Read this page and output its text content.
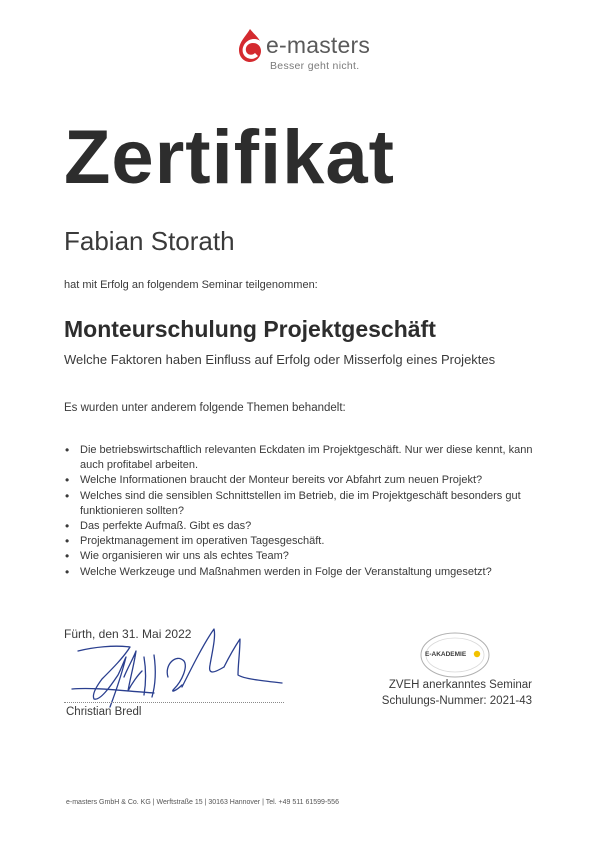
e-masters
Besser geht nicht.
Zertifikat
Fabian Storath
hat mit Erfolg an folgendem Seminar teilgenommen:
Monteurschulung Projektgeschäft
Welche Faktoren haben Einfluss auf Erfolg oder Misserfolg eines Projektes
Es wurden unter anderem folgende Themen behandelt:
• Die betriebswirtschaftlich relevanten Eckdaten im Projektgeschäft. Nur wer diese kennt, kann auch profitabel arbeiten.
• Welche Informationen braucht der Monteur bereits vor Abfahrt zum neuen Projekt?
• Welches sind die sensiblen Schnittstellen im Betrieb, die im Projektgeschäft besonders gut funktionieren sollten?
• Das perfekte Aufmaß. Gibt es das?
• Projektmanagement im operativen Tagesgeschäft.
• Wie organisieren wir uns als echtes Team?
• Welche Werkzeuge und Maßnahmen werden in Folge der Veranstaltung umgesetzt?
Fürth, den 31. Mai 2022
Christian Bredl
E-AKADEMIE
ZVEH anerkanntes Seminar
Schulungs-Nummer: 2021-43
e-masters GmbH & Co. KG | Werftstraße 15 | 30163 Hannover | Tel. +49 511 61599-556
